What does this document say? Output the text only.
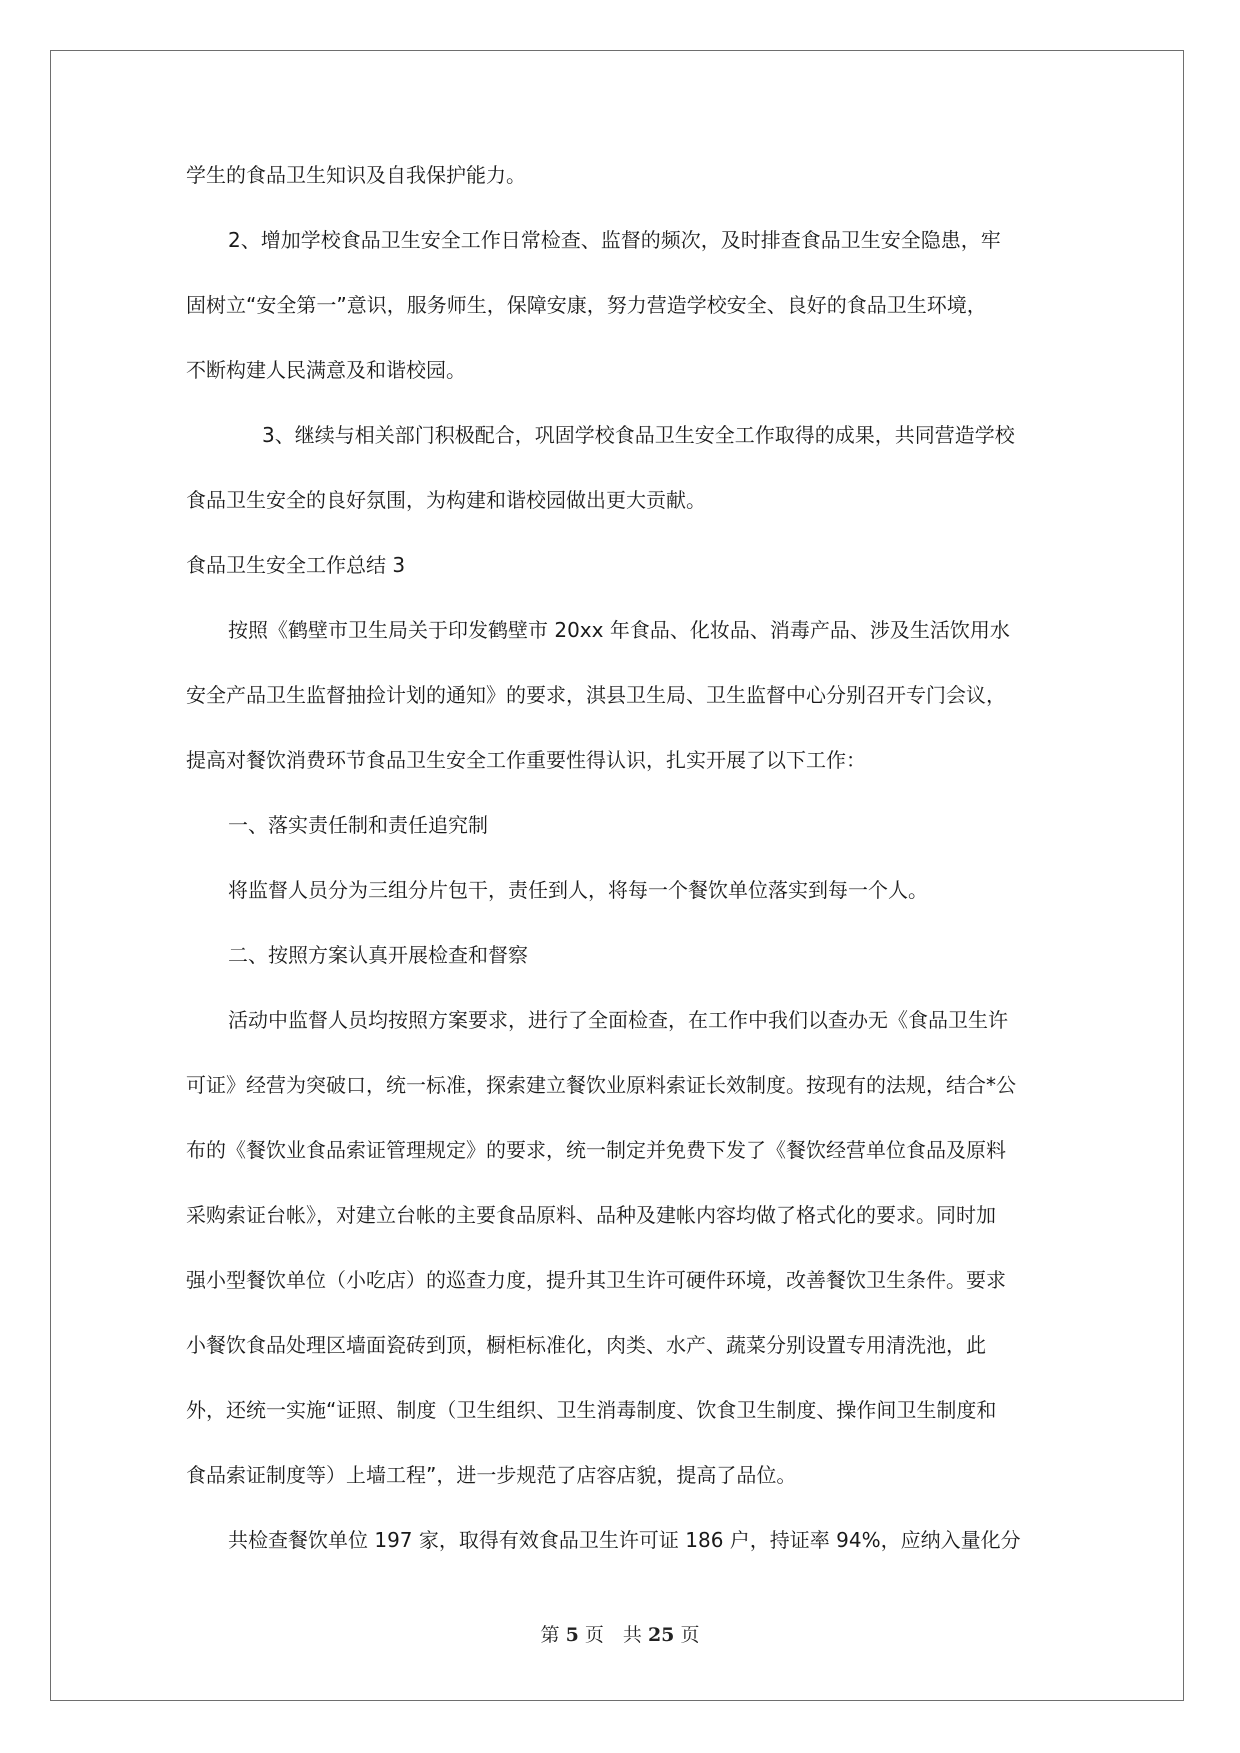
学生的食品卫生知识及自我保护能力。
2、增加学校食品卫生安全工作日常检查、监督的频次，及时排查食品卫生安全隐患，牢
固树立“安全第一”意识，服务师生，保障安康，努力营造学校安全、良好的食品卫生环境，
不断构建人民满意及和谐校园。
3、继续与相关部门积极配合，巩固学校食品卫生安全工作取得的成果，共同营造学校
食品卫生安全的良好氛围，为构建和谐校园做出更大贡献。
食品卫生安全工作总结 3
按照《鹤壁市卫生局关于印发鹤壁市 20xx 年食品、化妆品、消毒产品、涉及生活饮用水
安全产品卫生监督抽捡计划的通知》的要求，淇县卫生局、卫生监督中心分别召开专门会议，
提高对餐饮消费环节食品卫生安全工作重要性得认识，扎实开展了以下工作：
一、落实责任制和责任追究制
将监督人员分为三组分片包干，责任到人，将每一个餐饮单位落实到每一个人。
二、按照方案认真开展检查和督察
活动中监督人员均按照方案要求，进行了全面检查，在工作中我们以查办无《食品卫生许
可证》经营为突破口，统一标准，探索建立餐饮业原料索证长效制度。按现有的法规，结合*公
布的《餐饮业食品索证管理规定》的要求，统一制定并免费下发了《餐饮经营单位食品及原料
采购索证台帐》，对建立台帐的主要食品原料、品种及建帐内容均做了格式化的要求。同时加
强小型餐饮单位（小吃店）的巡查力度，提升其卫生许可硬件环境，改善餐饮卫生条件。要求
小餐饮食品处理区墙面瓷砖到顶，橱柜标准化，肉类、水产、蔬菜分别设置专用清洗池，此
外，还统一实施“证照、制度（卫生组织、卫生消毒制度、饮食卫生制度、操作间卫生制度和
食品索证制度等）上墙工程”，进一步规范了店容店貌，提高了品位。
共检查餐饮单位 197 家，取得有效食品卫生许可证 186 户，持证率 94%，应纳入量化分
第 5 页　共 25 页
